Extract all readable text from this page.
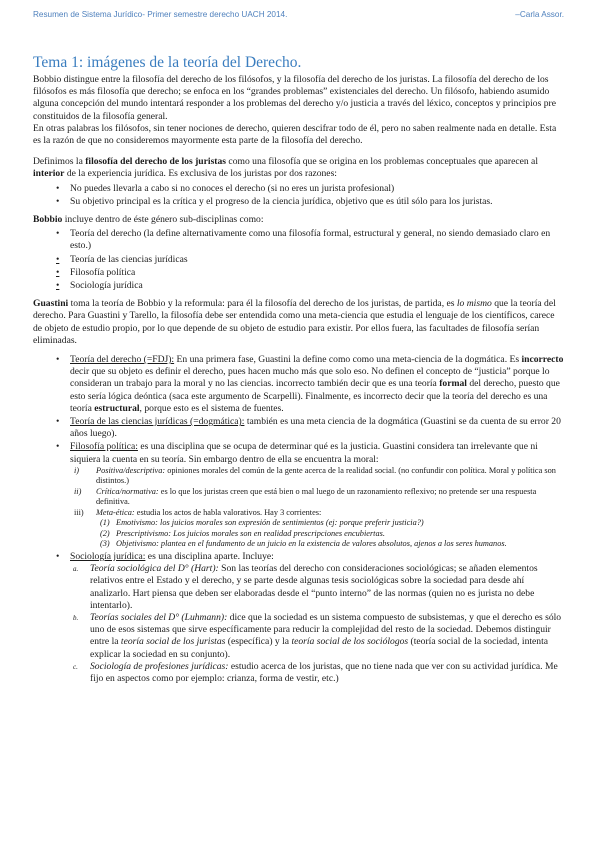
Resumen de Sistema Jurídico- Primer semestre derecho UACH 2014.	–Carla Assor.
Tema 1: imágenes de la teoría del Derecho.

Bobbio distingue entre la filosofía del derecho de los filósofos, y la filosofía del derecho de los juristas. La filosofía del derecho de los filósofos es más filosofía que derecho; se enfoca en los “grandes problemas” existenciales del derecho. Un filósofo, habiendo asumido alguna concepción del mundo intentará responder a los problemas del derecho y/o justicia a través del léxico, conceptos y principios pre constituidos de la filosofía general.

En otras palabras los filósofos, sin tener nociones de derecho, quieren descifrar todo de él, pero no saben realmente nada en detalle. Esta es la razón de que no consideremos mayormente esta parte de la filosofía del derecho.

Definimos la filosofía del derecho de los juristas como una filosofía que se origina en los problemas conceptuales que aparecen al interior de la experiencia jurídica. Es exclusiva de los juristas por dos razones:

• No puedes llevarla a cabo si no conoces el derecho (si no eres un jurista profesional)
• Su objetivo principal es la crítica y el progreso de la ciencia jurídica, objetivo que es útil sólo para los juristas.

Bobbio incluye dentro de éste género sub-disciplinas como:

• Teoría del derecho (la define alternativamente como una filosofía formal, estructural y general, no siendo demasiado claro en esto.)
• Teoría de las ciencias jurídicas
• Filosofía política
• Sociología jurídica

Guastini toma la teoría de Bobbio y la reformula: para él la filosofía del derecho de los juristas, de partida, es lo mismo que la teoría del derecho. Para Guastini y Tarello, la filosofía debe ser entendida como una meta-ciencia que estudia el lenguaje de los científicos, carece de objeto de estudio propio, por lo que depende de su objeto de estudio para existir. Por ellos fuera, las facultades de filosofía serían eliminadas.

• Teoría del derecho (=FDJ): En una primera fase, Guastini la define como como una meta-ciencia de la dogmática. Es incorrecto decir que su objeto es definir el derecho, pues hacen mucho más que solo eso. No definen el concepto de “justicia” porque lo consideran un trabajo para la moral y no las ciencias. incorrecto también decir que es una teoría formal del derecho, puesto que esto sería lógica deóntica (saca este argumento de Scarpelli). Finalmente, es incorrecto decir que la teoría del derecho es una teoría estructural, porque esto es el sistema de fuentes.
• Teoría de las ciencias jurídicas (=dogmática): también es una meta ciencia de la dogmática (Guastini se da cuenta de su error 20 años luego).
• Filosofía política: es una disciplina que se ocupa de determinar qué es la justicia. Guastini considera tan irrelevante que ni siquiera la cuenta en su teoría. Sin embargo dentro de ella se encuentra la moral:
i) Positiva/descriptiva: opiniones morales del común de la gente acerca de la realidad social. (no confundir con política. Moral y política son distintos.)
ii) Crítica/normativa: es lo que los juristas creen que está bien o mal luego de un razonamiento reflexivo; no pretende ser una respuesta definitiva.
iii) Meta-ética: estudia los actos de habla valorativos. Hay 3 corrientes:
(1) Emotivismo: los juicios morales son expresión de sentimientos (ej: porque preferir justicia?)
(2) Prescriptivismo: Los juicios morales son en realidad prescripciones encubiertas.
(3) Objetivismo: plantea en el fundamento de un juicio en la existencia de valores absolutos, ajenos a los seres humanos.
• Sociología jurídica: es una disciplina aparte. Incluye:
a. Teoría sociológica del D° (Hart): Son las teorías del derecho con consideraciones sociológicas; se añaden elementos relativos entre el Estado y el derecho, y se parte desde algunas tesis sociológicas sobre la sociedad para desde ahí analizarlo. Hart piensa que deben ser elaboradas desde el “punto interno” de las normas (quien no es jurista no debe intentarlo).
b. Teorías sociales del D° (Luhmann): dice que la sociedad es un sistema compuesto de subsistemas, y que el derecho es sólo uno de esos sistemas que sirve específicamente para reducir la complejidad del resto de la sociedad. Debemos distinguir entre la teoría social de los juristas (específica) y la teoría social de los sociólogos (teoría social de la sociedad, intenta explicar la sociedad en su conjunto).
c. Sociología de profesiones jurídicas: estudio acerca de los juristas, que no tiene nada que ver con su actividad jurídica. Me fijo en aspectos como por ejemplo: crianza, forma de vestir, etc.)
